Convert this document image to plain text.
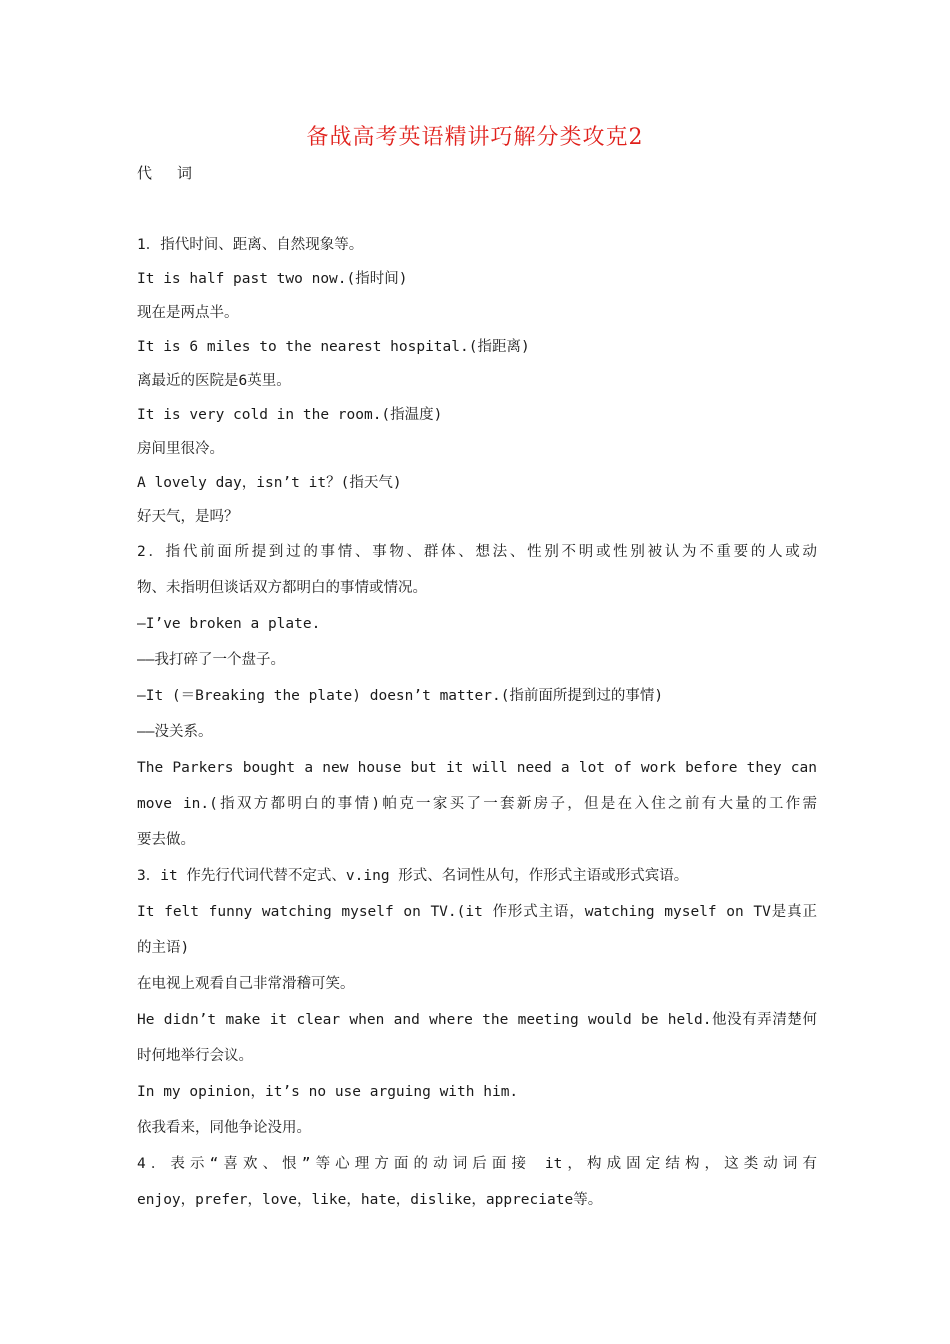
备战高考英语精讲巧解分类攻克2
代 词
1．指代时间、距离、自然现象等。
It is half past two now.(指时间)
现在是两点半。
It is 6 miles to the nearest hospital.(指距离)
离最近的医院是6英里。
It is very cold in the room.(指温度)
房间里很冷。
A lovely day，isn’t it？(指天气)
好天气，是吗？
2．指代前面所提到过的事情、事物、群体、想法、性别不明或性别被认为不重要的人或动
物、未指明但谈话双方都明白的事情或情况。
—I’ve broken a plate.
——我打碎了一个盘子。
—It (＝Breaking the plate) doesn’t matter.(指前面所提到过的事情)
——没关系。
The Parkers bought a new house but it will need a lot of work before they can
move in.(指双方都明白的事情)帕克一家买了一套新房子，但是在入住之前有大量的工作需
要去做。
3．it 作先行代词代替不定式、v.ing 形式、名词性从句，作形式主语或形式宾语。
It felt funny watching myself on TV.(it 作形式主语，watching myself on TV是真正
的主语)
在电视上观看自己非常滑稽可笑。
He didn’t make it clear when and where the meeting would be held.他没有弄清楚何
时何地举行会议。
In my opinion，it’s no use arguing with him.
依我看来，同他争论没用。
4．表示“喜欢、恨”等心理方面的动词后面接 it，构成固定结构，这类动词有
enjoy，prefer，love，like，hate，dislike，appreciate等。
